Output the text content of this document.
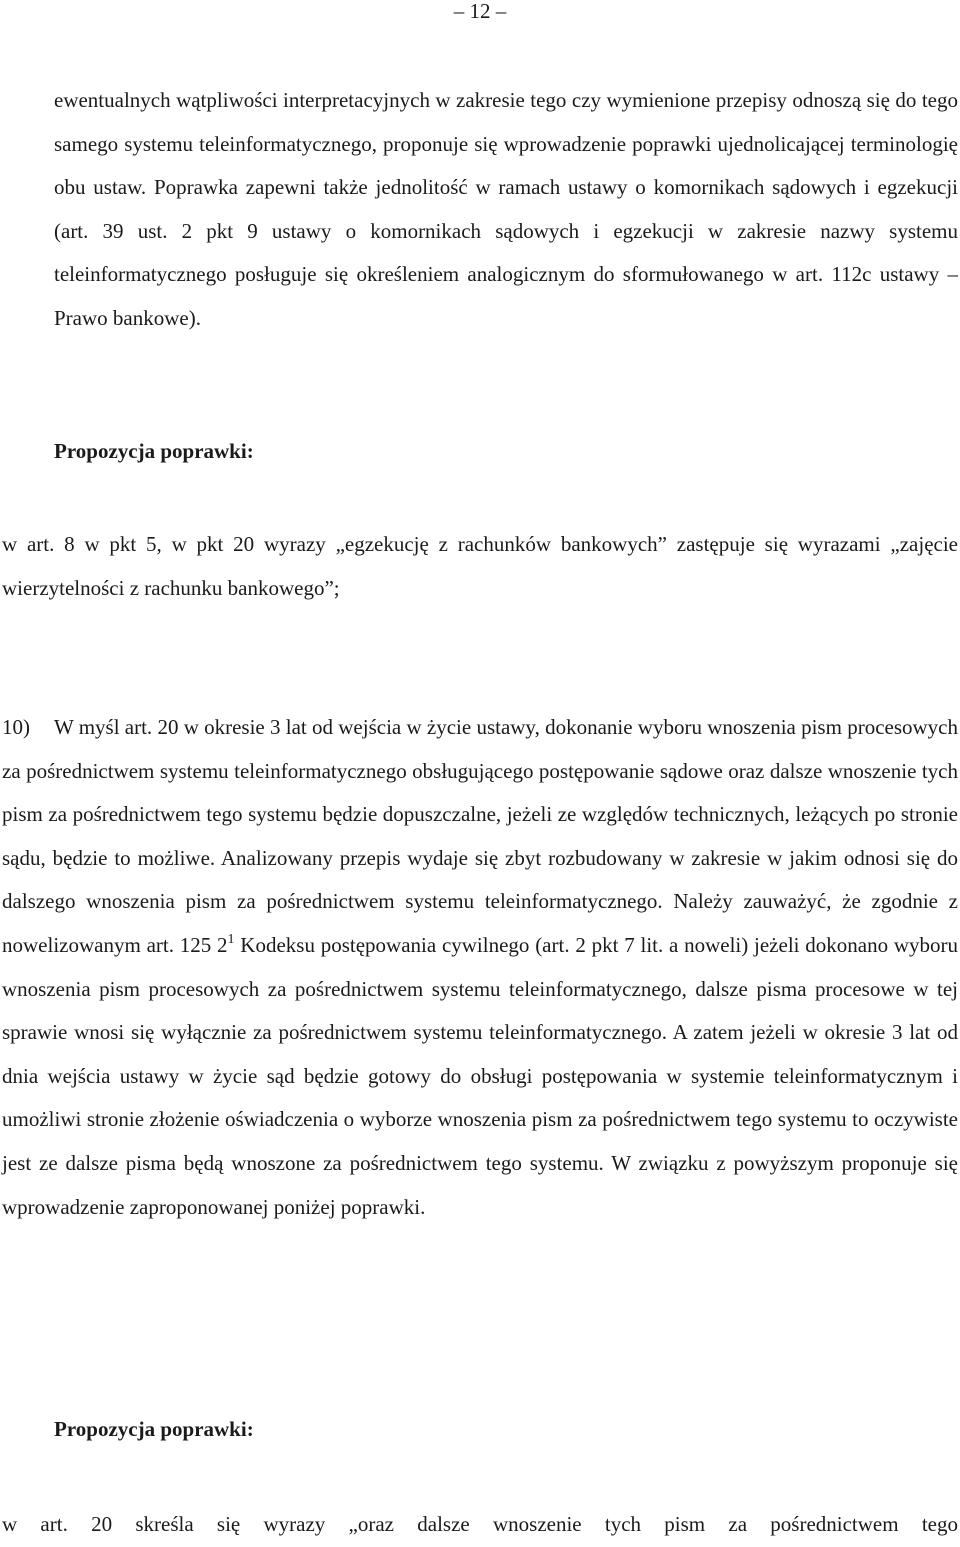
– 12 –

ewentualnych wątpliwości interpretacyjnych w zakresie tego czy wymienione przepisy odnoszą się do tego samego systemu teleinformatycznego, proponuje się wprowadzenie poprawki ujednolicającej terminologię obu ustaw. Poprawka zapewni także jednolitość w ramach ustawy o komornikach sądowych i egzekucji (art. 39 ust. 2 pkt 9 ustawy o komornikach sądowych i egzekucji w zakresie nazwy systemu teleinformatycznego posługuje się określeniem analogicznym do sformułowanego w art. 112c ustawy – Prawo bankowe).

Propozycja poprawki:

w art. 8 w pkt 5, w pkt 20 wyrazy „egzekucję z rachunków bankowych” zastępuje się wyrazami „zajęcie wierzytelności z rachunku bankowego”;

10) W myśl art. 20 w okresie 3 lat od wejścia w życie ustawy, dokonanie wyboru wnoszenia pism procesowych za pośrednictwem systemu teleinformatycznego obsługującego postępowanie sądowe oraz dalsze wnoszenie tych pism za pośrednictwem tego systemu będzie dopuszczalne, jeżeli ze względów technicznych, leżących po stronie sądu, będzie to możliwe. Analizowany przepis wydaje się zbyt rozbudowany w zakresie w jakim odnosi się do dalszego wnoszenia pism za pośrednictwem systemu teleinformatycznego. Należy zauważyć, że zgodnie z nowelizowanym art. 125 $2^1$ Kodeksu postępowania cywilnego (art. 2 pkt 7 lit. a noweli) jeżeli dokonano wyboru wnoszenia pism procesowych za pośrednictwem systemu teleinformatycznego, dalsze pisma procesowe w tej sprawie wnosi się wyłącznie za pośrednictwem systemu teleinformatycznego. A zatem jeżeli w okresie 3 lat od dnia wejścia ustawy w życie sąd będzie gotowy do obsługi postępowania w systemie teleinformatycznym i umożliwi stronie złożenie oświadczenia o wyborze wnoszenia pism za pośrednictwem tego systemu to oczywiste jest ze dalsze pisma będą wnoszone za pośrednictwem tego systemu. W związku z powyższym proponuje się wprowadzenie zaproponowanej poniżej poprawki.

Propozycja poprawki:

w art. 20 skreśla się wyrazy „oraz dalsze wnoszenie tych pism za pośrednictwem tego
